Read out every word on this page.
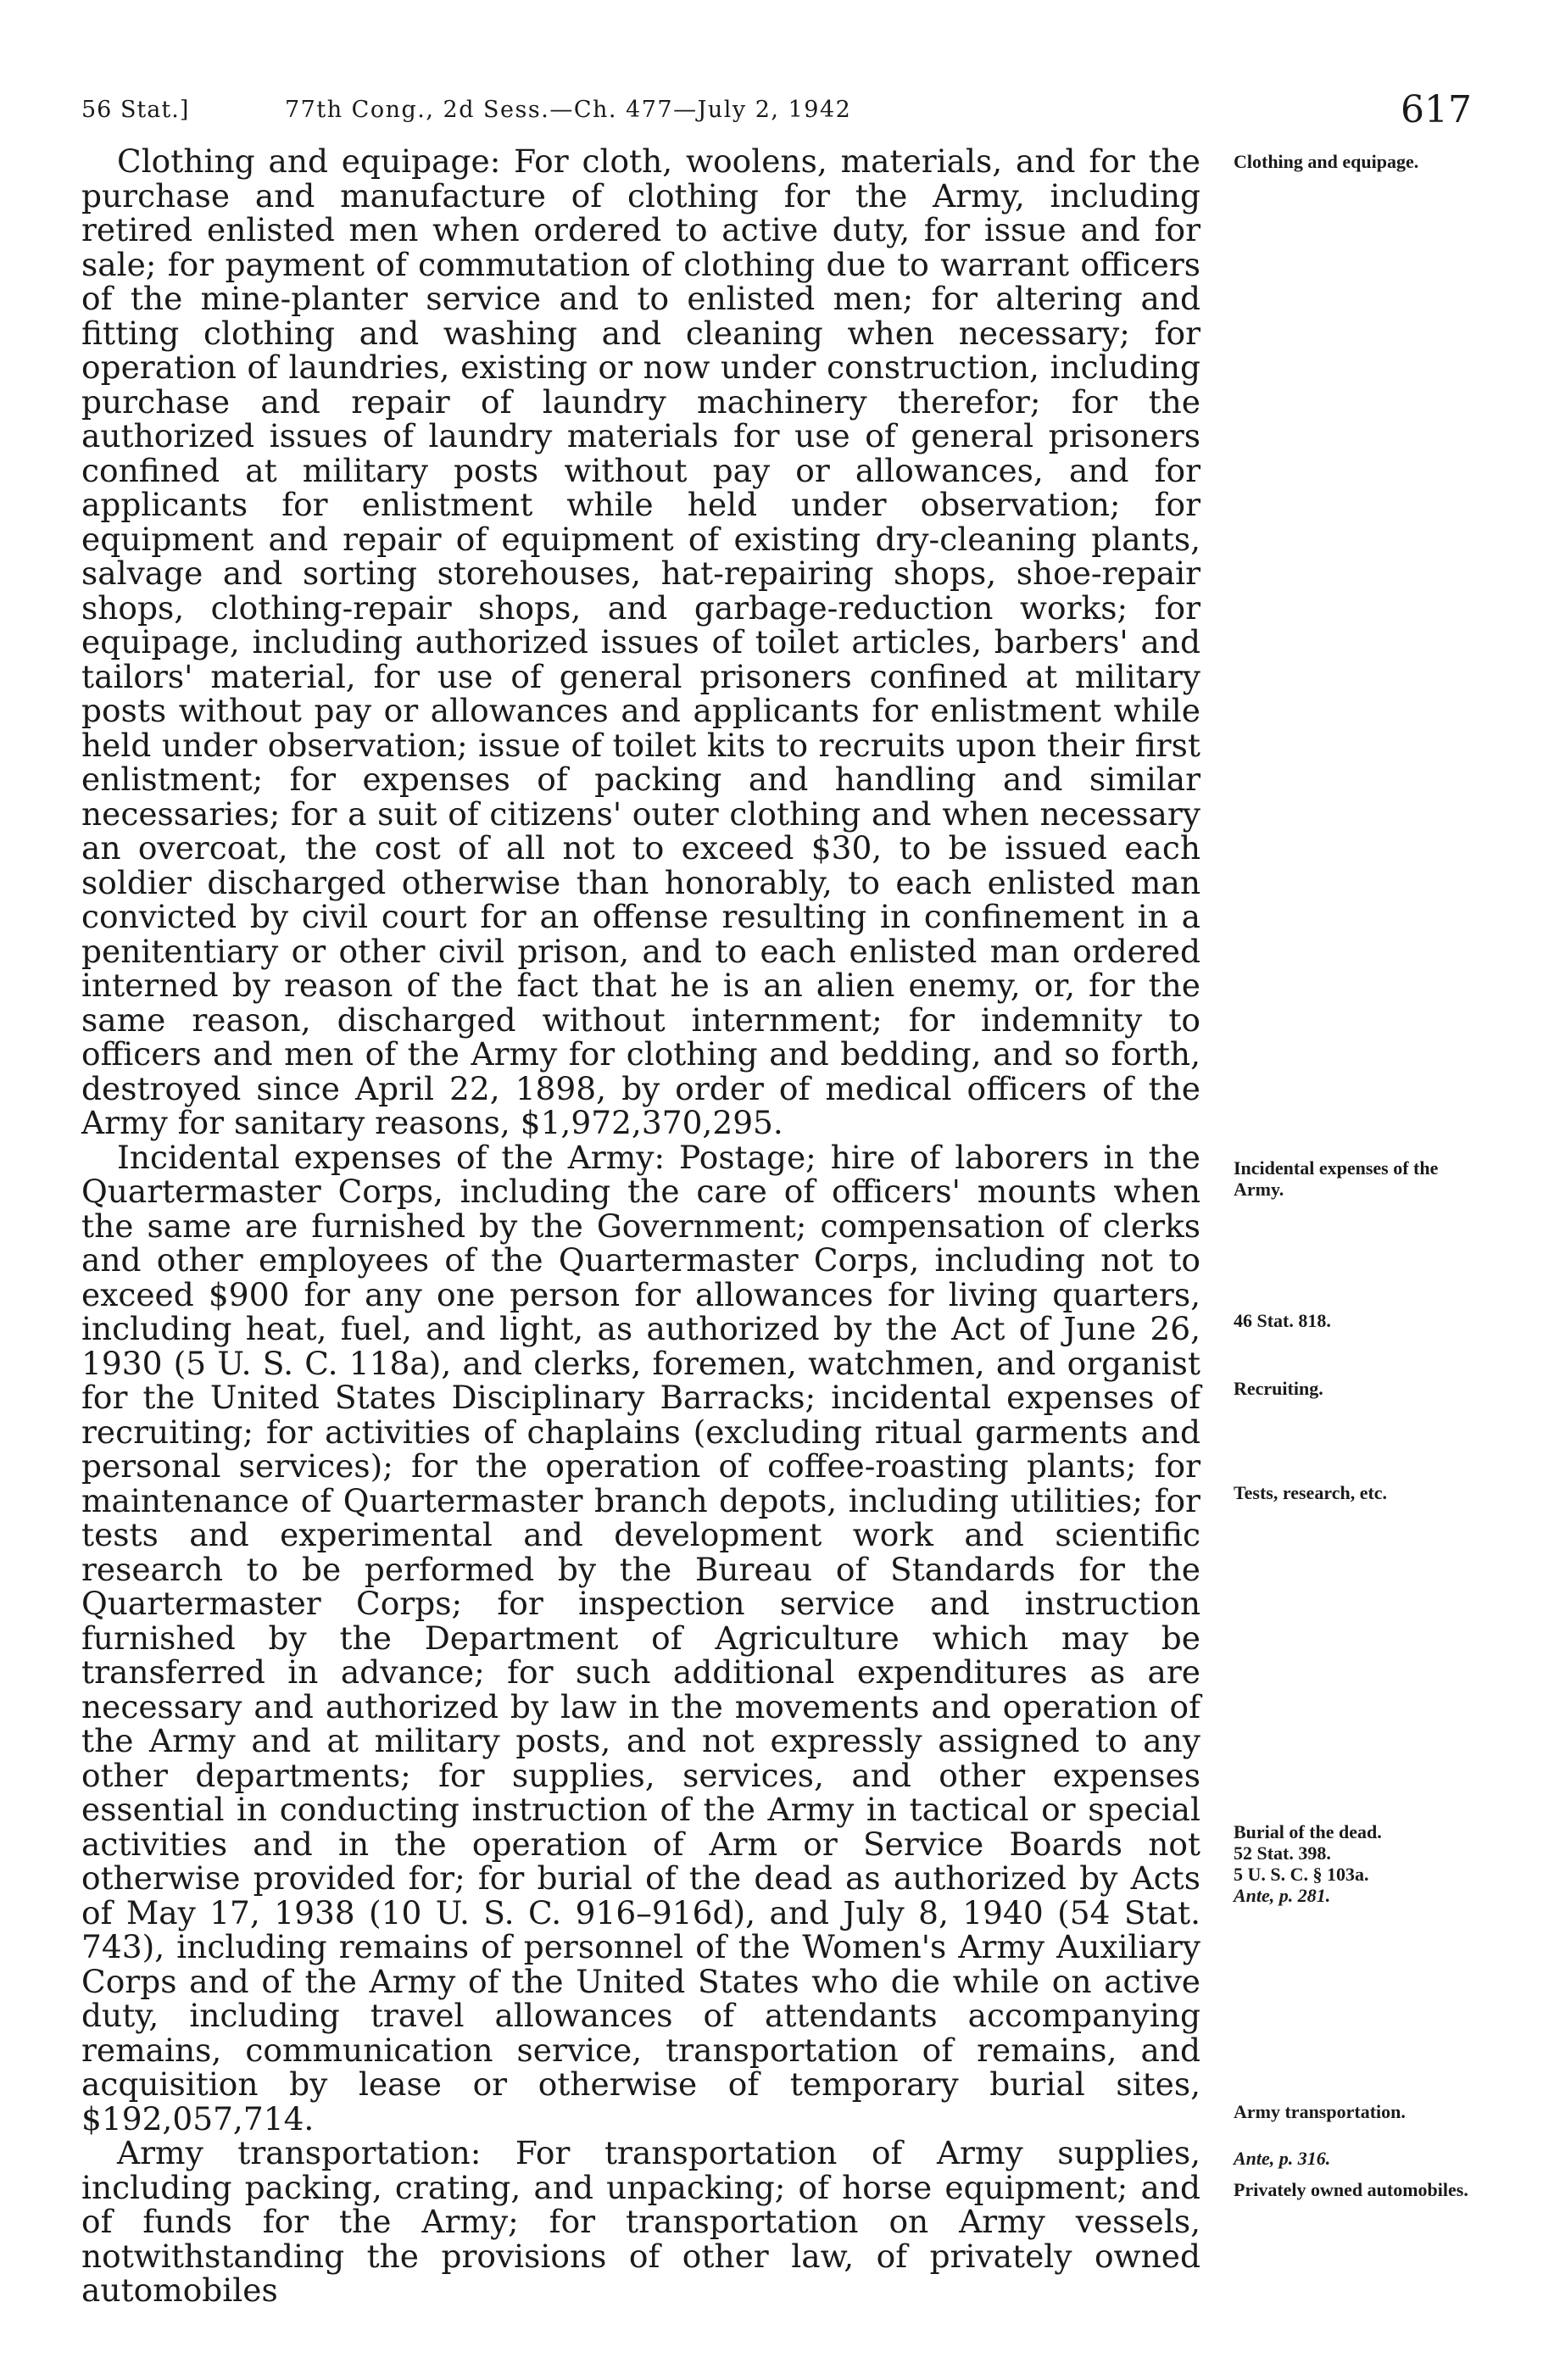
56 Stat.]	77th Cong., 2d Sess.—Ch. 477—July 2, 1942	617

Clothing and equipage: For cloth, woolens, materials, and for the purchase and manufacture of clothing for the Army, including retired enlisted men when ordered to active duty, for issue and for sale; for payment of commutation of clothing due to warrant officers of the mine-planter service and to enlisted men; for altering and fitting clothing and washing and cleaning when necessary; for operation of laundries, existing or now under construction, including purchase and repair of laundry machinery therefor; for the authorized issues of laundry materials for use of general prisoners confined at military posts without pay or allowances, and for applicants for enlistment while held under observation; for equipment and repair of equipment of existing dry-cleaning plants, salvage and sorting storehouses, hat-repairing shops, shoe-repair shops, clothing-repair shops, and garbage-reduction works; for equipage, including authorized issues of toilet articles, barbers' and tailors' material, for use of general prisoners confined at military posts without pay or allowances and applicants for enlistment while held under observation; issue of toilet kits to recruits upon their first enlistment; for expenses of packing and handling and similar necessaries; for a suit of citizens' outer clothing and when necessary an overcoat, the cost of all not to exceed $30, to be issued each soldier discharged otherwise than honorably, to each enlisted man convicted by civil court for an offense resulting in confinement in a penitentiary or other civil prison, and to each enlisted man ordered interned by reason of the fact that he is an alien enemy, or, for the same reason, discharged without internment; for indemnity to officers and men of the Army for clothing and bedding, and so forth, destroyed since April 22, 1898, by order of medical officers of the Army for sanitary reasons, $1,972,370,295.

Incidental expenses of the Army: Postage; hire of laborers in the Quartermaster Corps, including the care of officers' mounts when the same are furnished by the Government; compensation of clerks and other employees of the Quartermaster Corps, including not to exceed $900 for any one person for allowances for living quarters, including heat, fuel, and light, as authorized by the Act of June 26, 1930 (5 U. S. C. 118a), and clerks, foremen, watchmen, and organist for the United States Disciplinary Barracks; incidental expenses of recruiting; for activities of chaplains (excluding ritual garments and personal services); for the operation of coffee-roasting plants; for maintenance of Quartermaster branch depots, including utilities; for tests and experimental and development work and scientific research to be performed by the Bureau of Standards for the Quartermaster Corps; for inspection service and instruction furnished by the Department of Agriculture which may be transferred in advance; for such additional expenditures as are necessary and authorized by law in the movements and operation of the Army and at military posts, and not expressly assigned to any other departments; for supplies, services, and other expenses essential in conducting instruction of the Army in tactical or special activities and in the operation of Arm or Service Boards not otherwise provided for; for burial of the dead as authorized by Acts of May 17, 1938 (10 U. S. C. 916–916d), and July 8, 1940 (54 Stat. 743), including remains of personnel of the Women's Army Auxiliary Corps and of the Army of the United States who die while on active duty, including travel allowances of attendants accompanying remains, communication service, transportation of remains, and acquisition by lease or otherwise of temporary burial sites, $192,057,714.

Army transportation: For transportation of Army supplies, including packing, crating, and unpacking; of horse equipment; and of funds for the Army; for transportation on Army vessels, notwithstanding the provisions of other law, of privately owned automobiles

Clothing and equipage.
Incidental expenses of the Army.
46 Stat. 818.
Recruiting.
Tests, research, etc.
Burial of the dead.
52 Stat. 398.
5 U. S. C. § 103a.
Ante, p. 281.
Army transportation.
Ante, p. 316.
Privately owned automobiles.
